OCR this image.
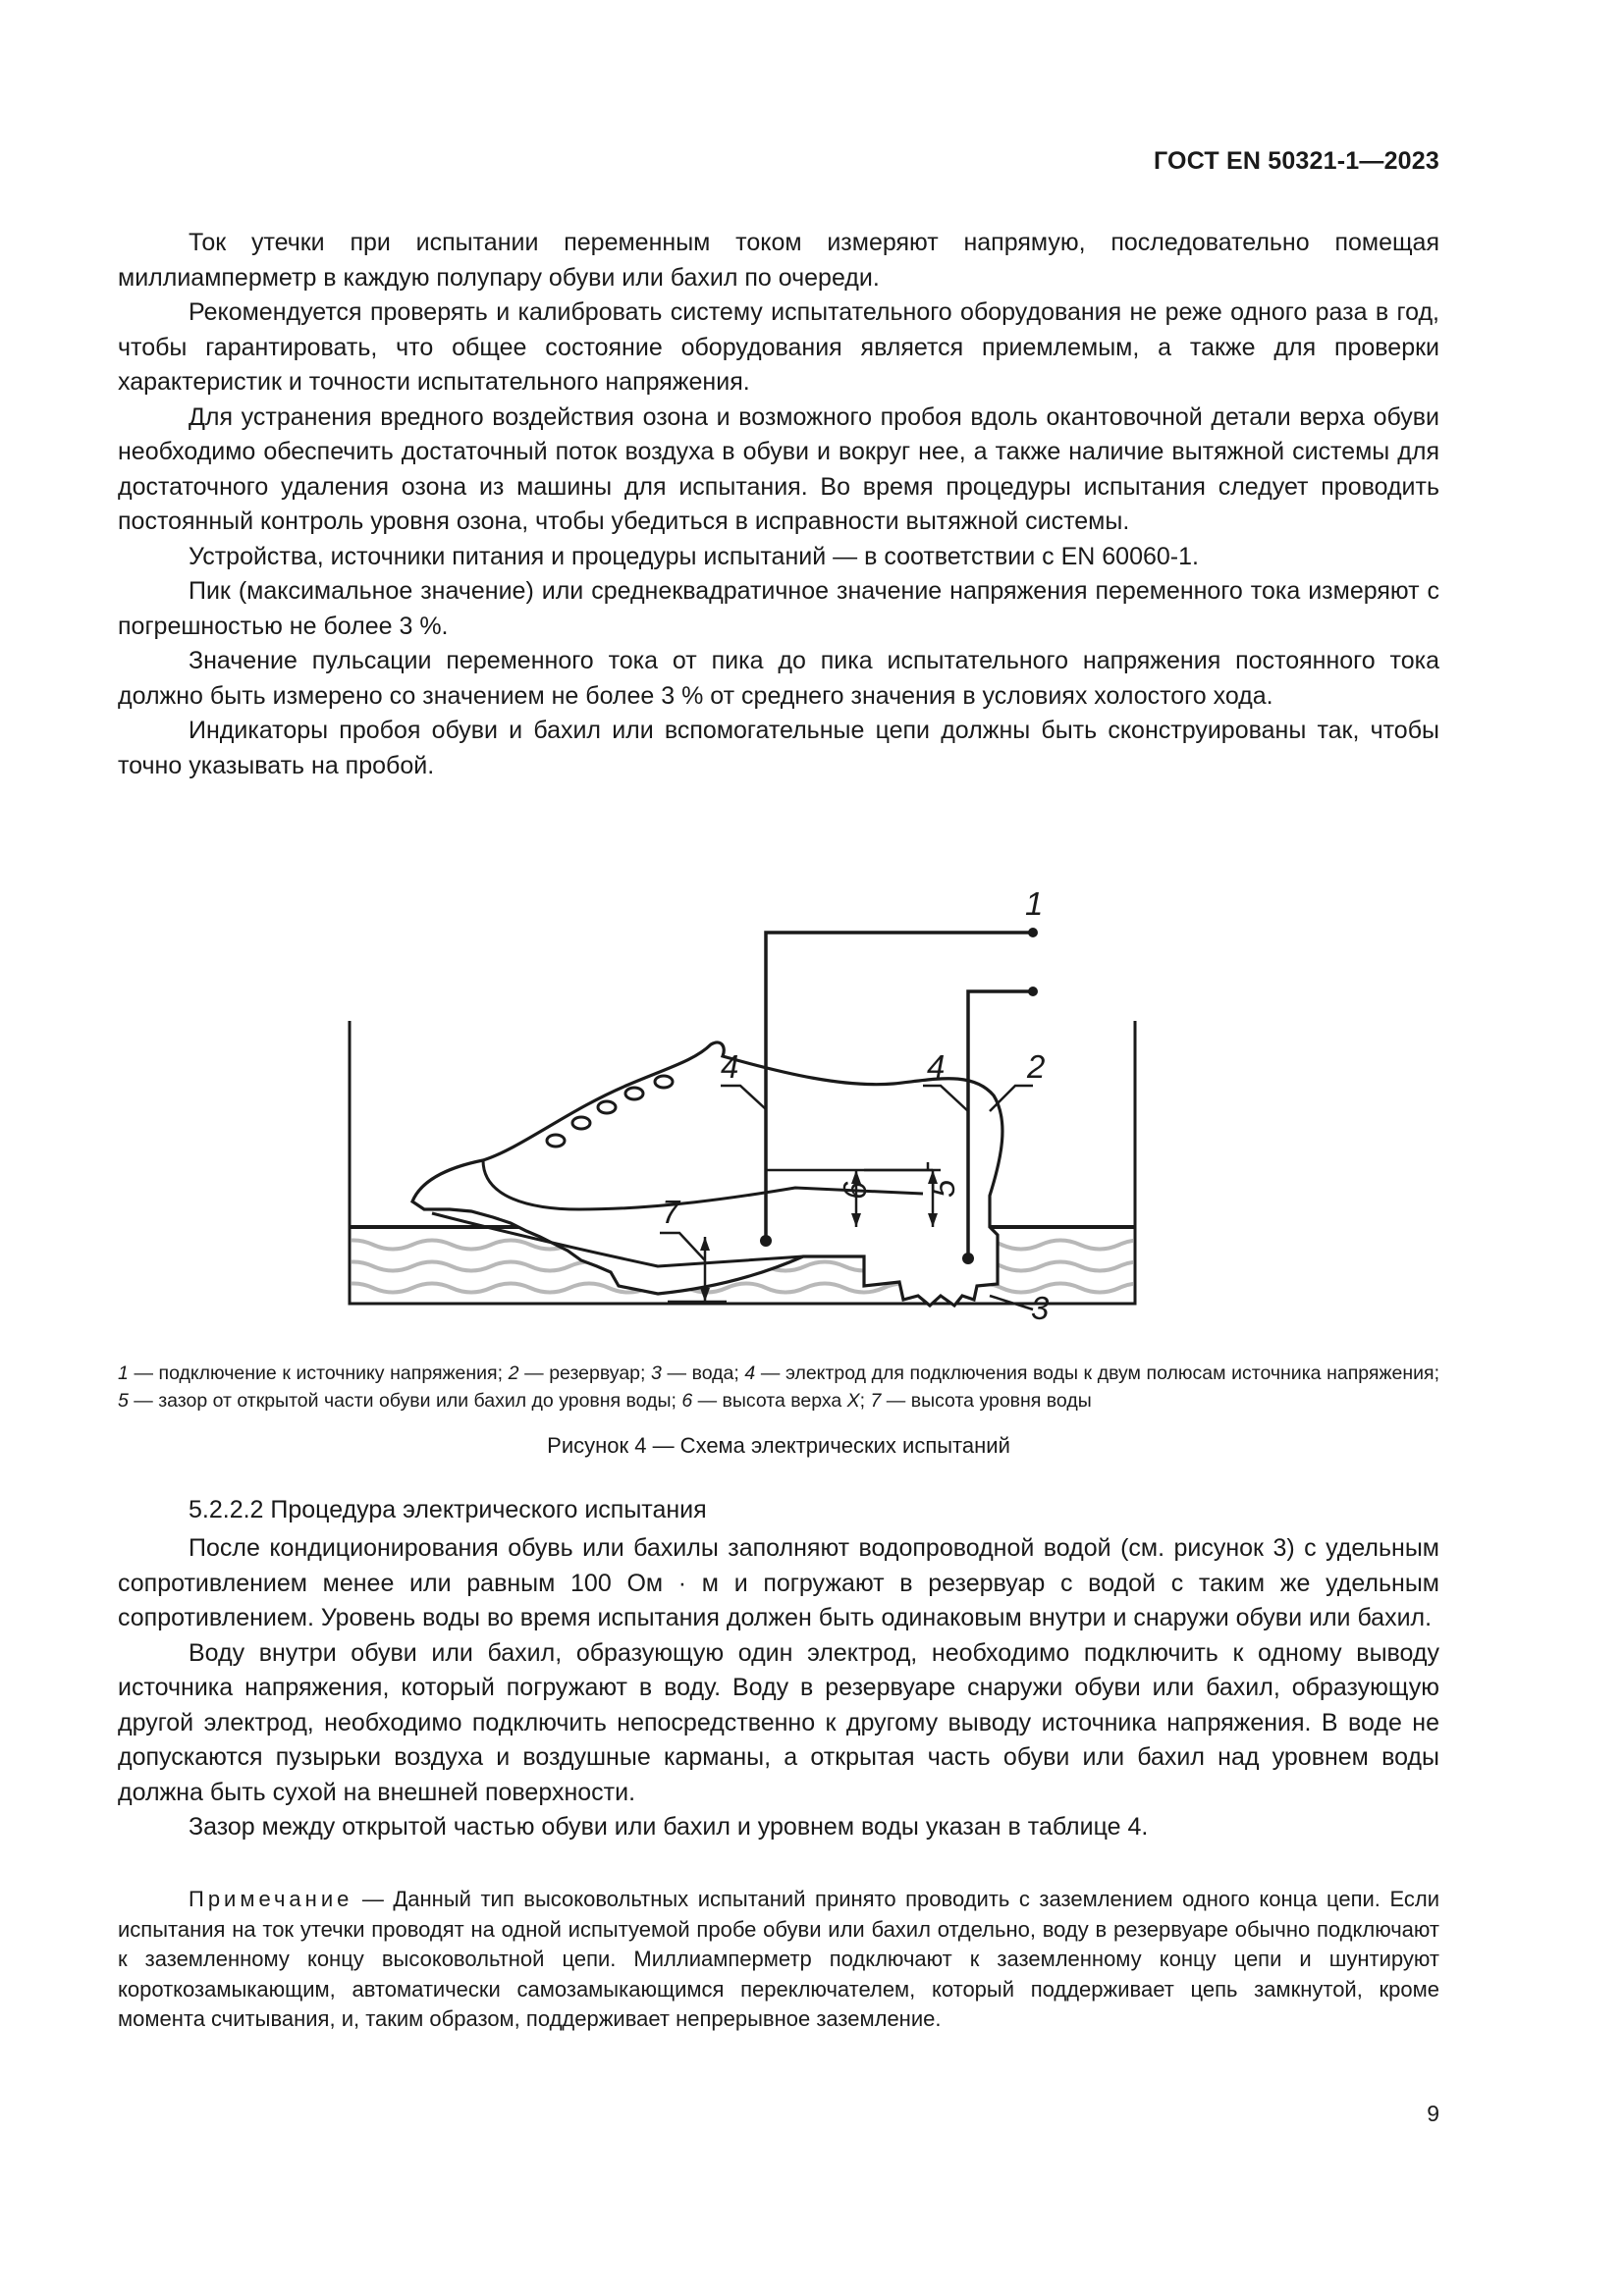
ГОСТ EN 50321-1—2023

Ток утечки при испытании переменным током измеряют напрямую, последовательно помещая миллиамперметр в каждую полупару обуви или бахил по очереди.

Рекомендуется проверять и калибровать систему испытательного оборудования не реже одного раза в год, чтобы гарантировать, что общее состояние оборудования является приемлемым, а также для проверки характеристик и точности испытательного напряжения.

Для устранения вредного воздействия озона и возможного пробоя вдоль окантовочной детали верха обуви необходимо обеспечить достаточный поток воздуха в обуви и вокруг нее, а также наличие вытяжной системы для достаточного удаления озона из машины для испытания. Во время процедуры испытания следует проводить постоянный контроль уровня озона, чтобы убедиться в исправности вытяжной системы.

Устройства, источники питания и процедуры испытаний — в соответствии с EN 60060-1.

Пик (максимальное значение) или среднеквадратичное значение напряжения переменного тока измеряют с погрешностью не более 3 %.

Значение пульсации переменного тока от пика до пика испытательного напряжения постоянного тока должно быть измерено со значением не более 3 % от среднего значения в условиях холостого хода.

Индикаторы пробоя обуви и бахил или вспомогательные цепи должны быть сконструированы так, чтобы точно указывать на пробой.

1
2
3
4	4
5
6
7
1 — подключение к источнику напряжения; 2 — резервуар; 3 — вода; 4 — электрод для подключения воды к двум полюсам источника напряжения; 5 — зазор от открытой части обуви или бахил до уровня воды; 6 — высота верха X; 7 — высота уровня воды
Рисунок 4 — Схема электрических испытаний
5.2.2.2 Процедура электрического испытания

После кондиционирования обувь или бахилы заполняют водопроводной водой (см. рисунок 3) с удельным сопротивлением менее или равным 100 Ом · м и погружают в резервуар с водой с таким же удельным сопротивлением. Уровень воды во время испытания должен быть одинаковым внутри и снаружи обуви или бахил.

Воду внутри обуви или бахил, образующую один электрод, необходимо подключить к одному выводу источника напряжения, который погружают в воду. Воду в резервуаре снаружи обуви или бахил, образующую другой электрод, необходимо подключить непосредственно к другому выводу источника напряжения. В воде не допускаются пузырьки воздуха и воздушные карманы, а открытая часть обуви или бахил над уровнем воды должна быть сухой на внешней поверхности.

Зазор между открытой частью обуви или бахил и уровнем воды указан в таблице 4.

Примечание — Данный тип высоковольтных испытаний принято проводить с заземлением одного конца цепи. Если испытания на ток утечки проводят на одной испытуемой пробе обуви или бахил отдельно, воду в резервуаре обычно подключают к заземленному концу высоковольтной цепи. Миллиамперметр подключают к заземленному концу цепи и шунтируют короткозамыкающим, автоматически самозамыкающимся переключателем, который поддерживает цепь замкнутой, кроме момента считывания, и, таким образом, поддерживает непрерывное заземление.

9
